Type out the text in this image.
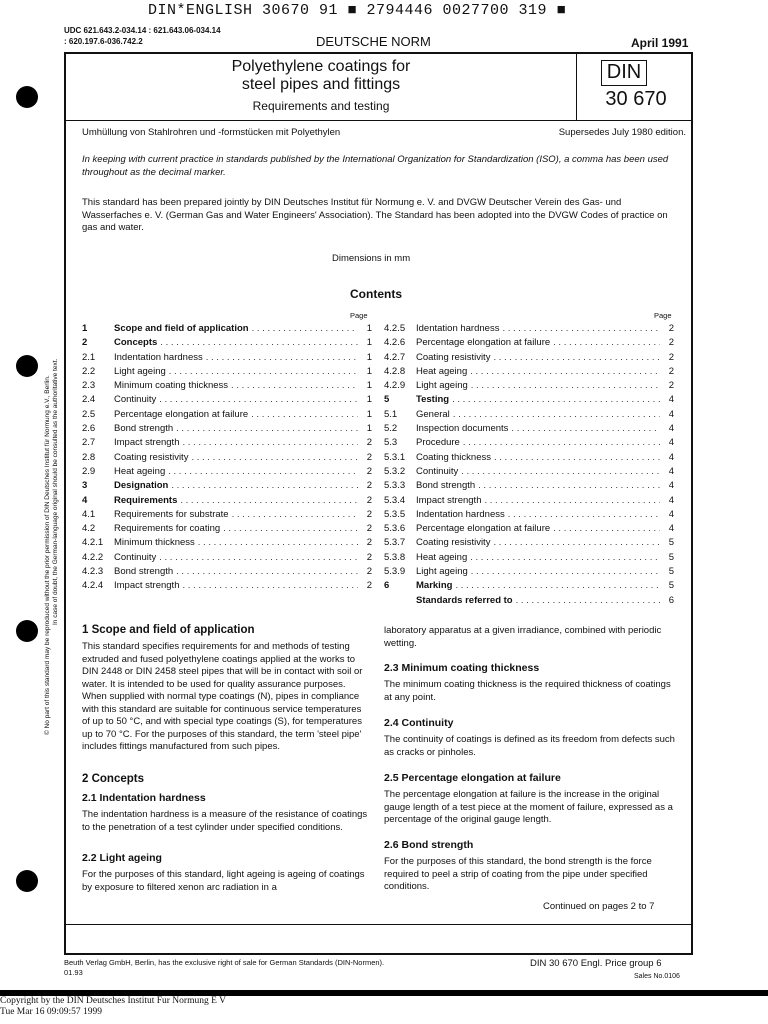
DIN*ENGLISH 30670 91 ■ 2794446 0027700 319 ■
UDC 621.643.2-034.14 : 621.643.06-034.14
: 620.197.6-036.742.2	DEUTSCHE NORM	April 1991
© No part of this standard may be reproduced without the prior permission of DIN Deutsches Institut für Normung e.V., Berlin. In case of doubt, the German-language original should be consulted as the authoritative text.
Polyethylene coatings for
steel pipes and fittings
Requirements and testing
DIN
30 670
Umhüllung von Stahlrohren und -formstücken mit Polyethylen	Supersedes July 1980 edition.
In keeping with current practice in standards published by the International Organization for Standardization (ISO), a comma has been used throughout as the decimal marker.
This standard has been prepared jointly by DIN Deutsches Institut für Normung e. V. and DVGW Deutscher Verein des Gas- und Wasserfaches e. V. (German Gas and Water Engineers' Association). The Standard has been adopted into the DVGW Codes of practice on gas and water.
Dimensions in mm
Contents
Page	Page
1	Scope and field of application . . .	1
2	Concepts . . .	1
2.1	Indentation hardness . . .	1
2.2	Light ageing . . .	1
2.3	Minimum coating thickness . . .	1
2.4	Continuity . . .	1
2.5	Percentage elongation at failure . . .	1
2.6	Bond strength . . .	1
2.7	Impact strength . . .	2
2.8	Coating resistivity . . .	2
2.9	Heat ageing . . .	2
3	Designation . . .	2
4	Requirements . . .	2
4.1	Requirements for substrate . . .	2
4.2	Requirements for coating . . .	2
4.2.1	Minimum thickness . . .	2
4.2.2	Continuity . . .	2
4.2.3	Bond strength . . .	2
4.2.4	Impact strength . . .	2
4.2.5	Identation hardness . . .	2
4.2.6	Percentage elongation at failure . . .	2
4.2.7	Coating resistivity . . .	2
4.2.8	Heat ageing . . .	2
4.2.9	Light ageing . . .	2
5	Testing . . .	4
5.1	General . . .	4
5.2	Inspection documents . . .	4
5.3	Procedure . . .	4
5.3.1	Coating thickness . . .	4
5.3.2	Continuity . . .	4
5.3.3	Bond strength . . .	4
5.3.4	Impact strength . . .	4
5.3.5	Indentation hardness . . .	4
5.3.6	Percentage elongation at failure . . .	4
5.3.7	Coating resistivity . . .	5
5.3.8	Heat ageing . . .	5
5.3.9	Light ageing . . .	5
6	Marking . . .	5
Standards referred to . . .	6
1 Scope and field of application
This standard specifies requirements for and methods of testing extruded and fused polyethylene coatings applied at the works to DIN 2448 or DIN 2458 steel pipes that will be in contact with soil or water. It is intended to be used for quality assurance purposes. When supplied with normal type coatings (N), pipes in compliance with this standard are suitable for continuous service temperatures of up to 50 °C, and with special type coatings (S), for temperatures up to 70 °C. For the purposes of this standard, the term 'steel pipe' includes fittings manufactured from such pipes.
2 Concepts
2.1 Indentation hardness
The indentation hardness is a measure of the resistance of coatings to the penetration of a test cylinder under specified conditions.
2.2 Light ageing
For the purposes of this standard, light ageing is ageing of coatings by exposure to filtered xenon arc radiation in a
laboratory apparatus at a given irradiance, combined with periodic wetting.
2.3 Minimum coating thickness
The minimum coating thickness is the required thickness of coatings at any point.
2.4 Continuity
The continuity of coatings is defined as its freedom from defects such as cracks or pinholes.
2.5 Percentage elongation at failure
The percentage elongation at failure is the increase in the original gauge length of a test piece at the moment of failure, expressed as a percentage of the original gauge length.
2.6 Bond strength
For the purposes of this standard, the bond strength is the force required to peel a strip of coating from the pipe under specified conditions.
Continued on pages 2 to 7
Beuth Verlag GmbH, Berlin, has the exclusive right of sale for German Standards (DIN-Normen).
01.93
DIN 30 670 Engl. Price group 6
Sales No.0106
Copyright by the DIN Deutsches Institut Fur Normung E V
Tue Mar 16 09:09:57 1999
